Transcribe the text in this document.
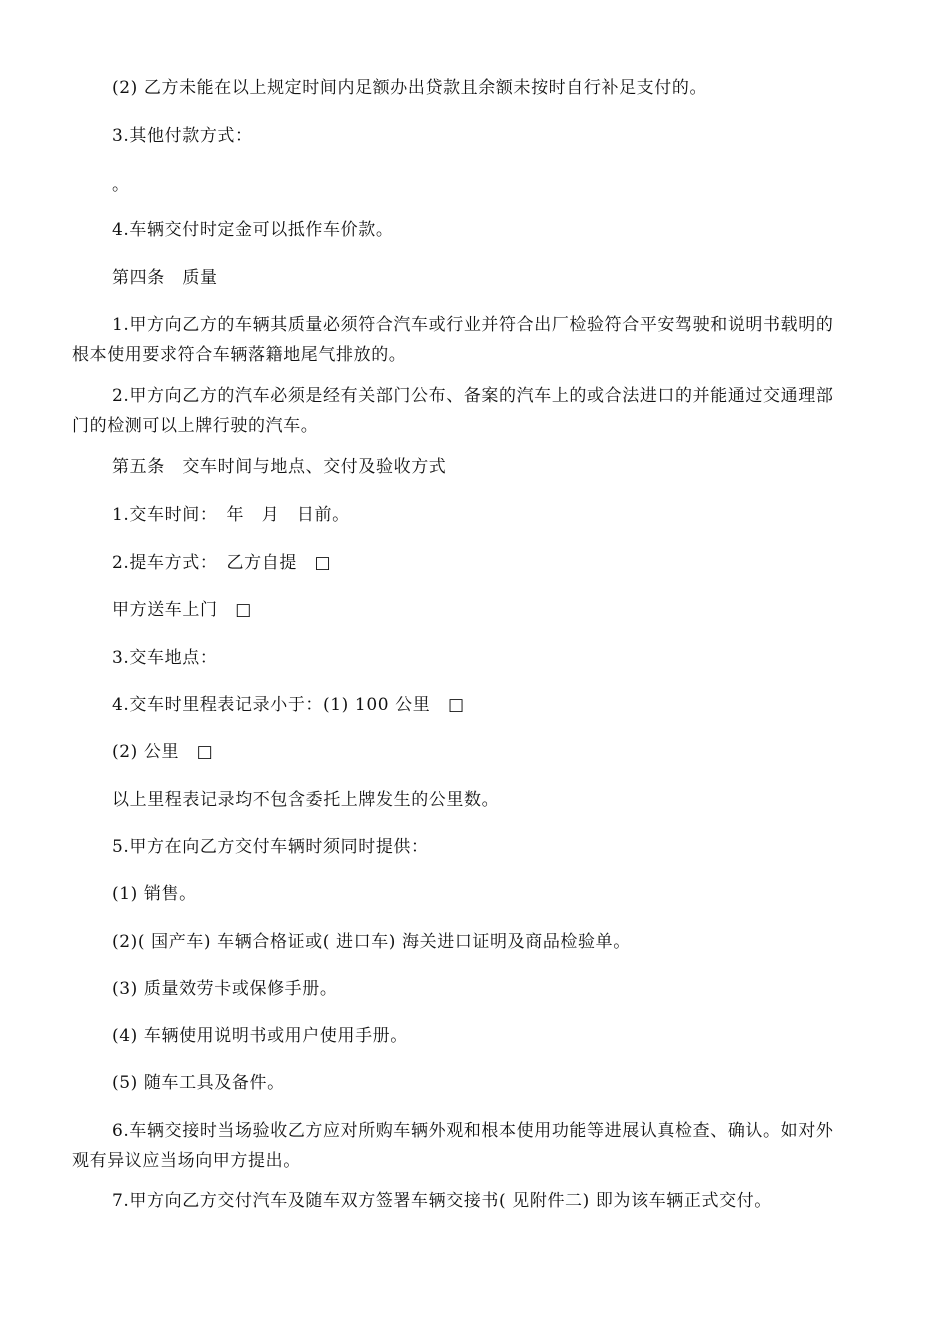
(2) 乙方未能在以上规定时间内足额办出贷款且余额未按时自行补足支付的。

3.其他付款方式：

。

4.车辆交付时定金可以抵作车价款。

第四条　质量

1.甲方向乙方的车辆其质量必须符合汽车或行业并符合出厂检验符合平安驾驶和说明书载明的根本使用要求符合车辆落籍地尾气排放的。

2.甲方向乙方的汽车必须是经有关部门公布、备案的汽车上的或合法进口的并能通过交通理部门的检测可以上牌行驶的汽车。

第五条　交车时间与地点、交付及验收方式

1.交车时间：　年　月　日前。

2.提车方式：　乙方自提　□

甲方送车上门　□

3.交车地点：

4.交车时里程表记录小于：(1) 100 公里　□

(2) 公里　□

以上里程表记录均不包含委托上牌发生的公里数。

5.甲方在向乙方交付车辆时须同时提供：

(1) 销售。

(2)( 国产车) 车辆合格证或( 进口车) 海关进口证明及商品检验单。

(3) 质量效劳卡或保修手册。

(4) 车辆使用说明书或用户使用手册。

(5) 随车工具及备件。

6.车辆交接时当场验收乙方应对所购车辆外观和根本使用功能等进展认真检查、确认。如对外观有异议应当场向甲方提出。

7.甲方向乙方交付汽车及随车双方签署车辆交接书( 见附件二) 即为该车辆正式交付。
